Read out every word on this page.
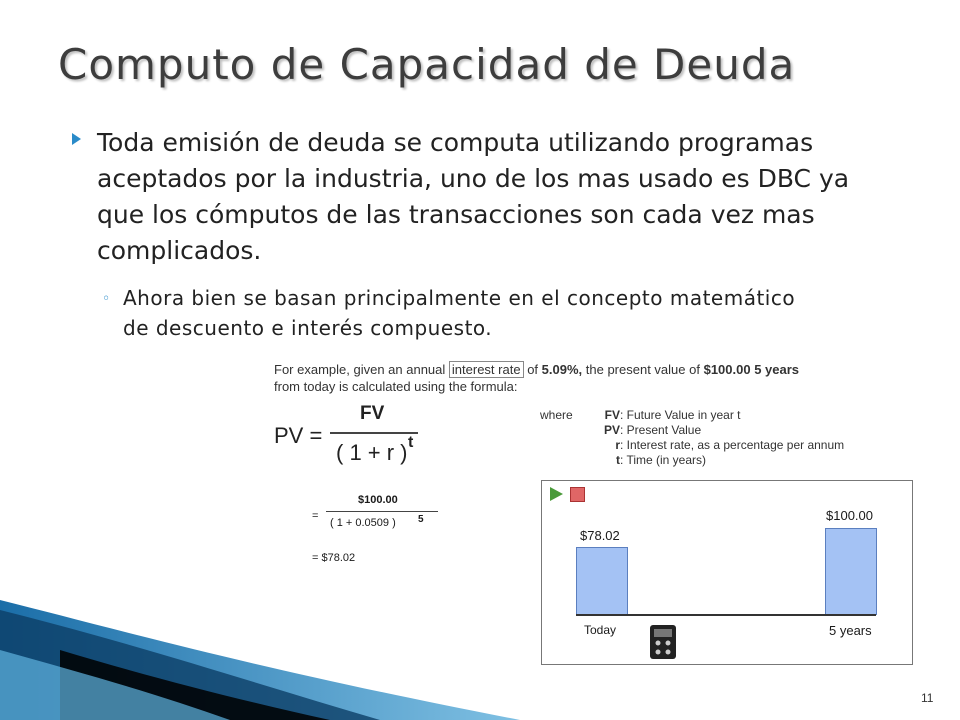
Computo de Capacidad de Deuda
Toda emisión de deuda se computa utilizando programas aceptados por la industria, uno de los mas usado es DBC ya que los cómputos de las transacciones son cada vez mas complicados.
◦ Ahora bien se basan principalmente en el concepto matemático de descuento e interés compuesto.
For example, given an annual interest rate of 5.09%, the present value of $100.00 5 years
from today is calculated using the formula:
PV =
FV
( 1 + r ) t
where	FV: Future Value in year t
PV: Present Value
r: Interest rate, as a percentage per annum
t: Time (in years)
=
$100.00
( 1 + 0.0509 ) 5
= $78.02
$78.02
$100.00
Today	5 years
11
